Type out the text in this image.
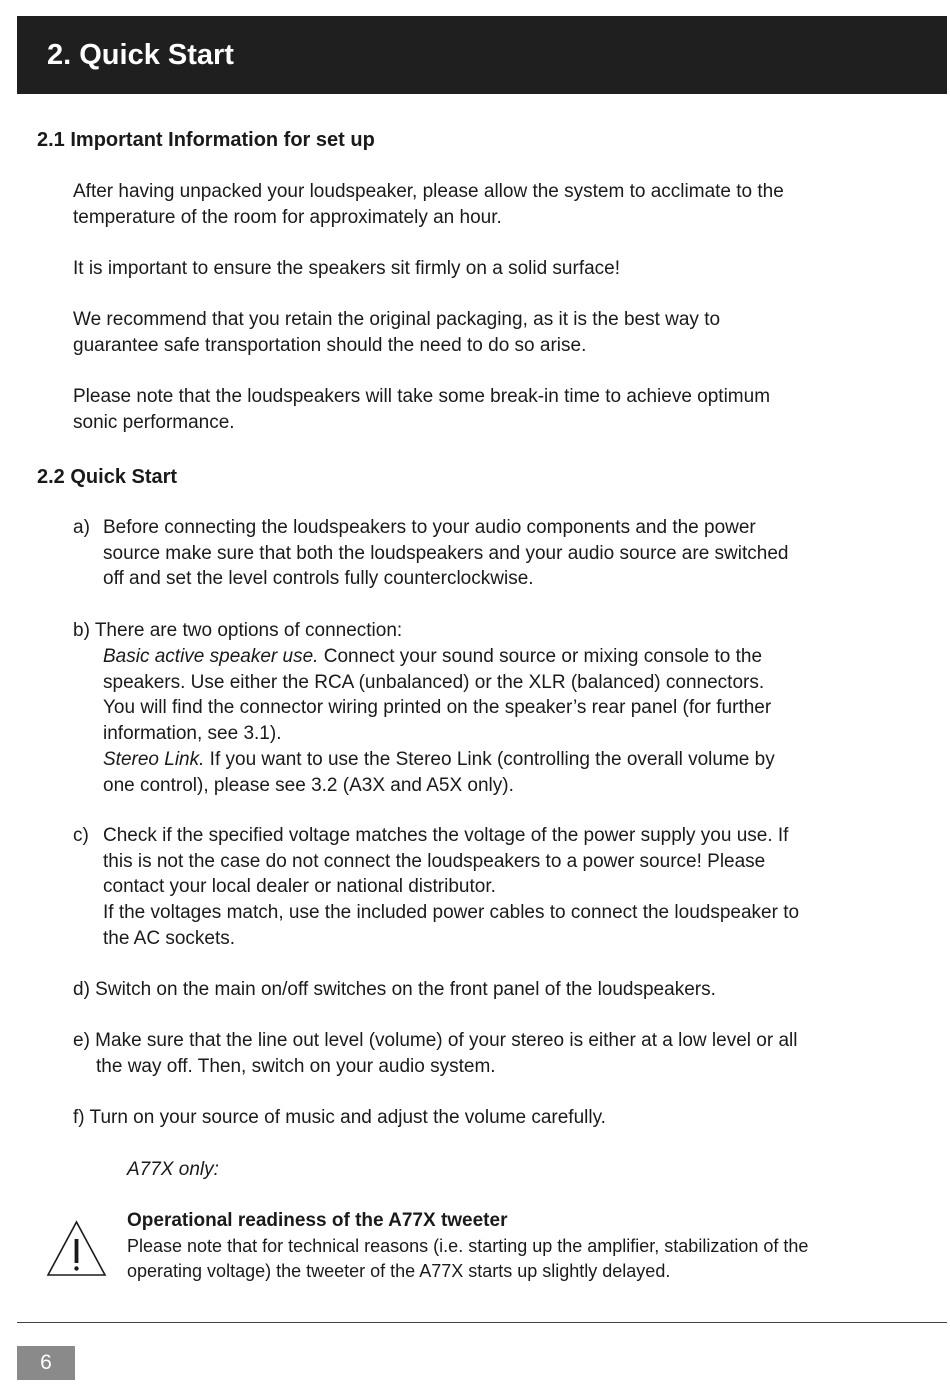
2. Quick Start
2.1 Important Information for set up
After having unpacked your loudspeaker, please allow the system to acclimate to the
temperature of the room for approximately an hour.
It is important to ensure the speakers sit firmly on a solid surface!
We recommend that you retain the original packaging, as it is the best way to
guarantee safe transportation should the need to do so arise.
Please note that the loudspeakers will take some break-in time to achieve optimum
sonic performance.
2.2 Quick Start
a) Before connecting the loudspeakers to your audio components and the power
source make sure that both the loudspeakers and your audio source are switched
off and set the level controls fully counterclockwise.
b) There are two options of connection:
Basic active speaker use. Connect your sound source or mixing console to the
speakers. Use either the RCA (unbalanced) or the XLR (balanced) connectors.
You will find the connector wiring printed on the speaker’s rear panel (for further
information, see 3.1).
Stereo Link. If you want to use the Stereo Link (controlling the overall volume by
one control), please see 3.2 (A3X and A5X only).
c) Check if the specified voltage matches the voltage of the power supply you use. If
this is not the case do not connect the loudspeakers to a power source! Please
contact your local dealer or national distributor.
If the voltages match, use the included power cables to connect the loudspeaker to
the AC sockets.
d) Switch on the main on/off switches on the front panel of the loudspeakers.
e) Make sure that the line out level (volume) of your stereo is either at a low level or all
the way off. Then, switch on your audio system.
f) Turn on your source of music and adjust the volume carefully.
A77X only:
Operational readiness of the A77X tweeter
Please note that for technical reasons (i.e. starting up the amplifier, stabilization of the
operating voltage) the tweeter of the A77X starts up slightly delayed.
6
